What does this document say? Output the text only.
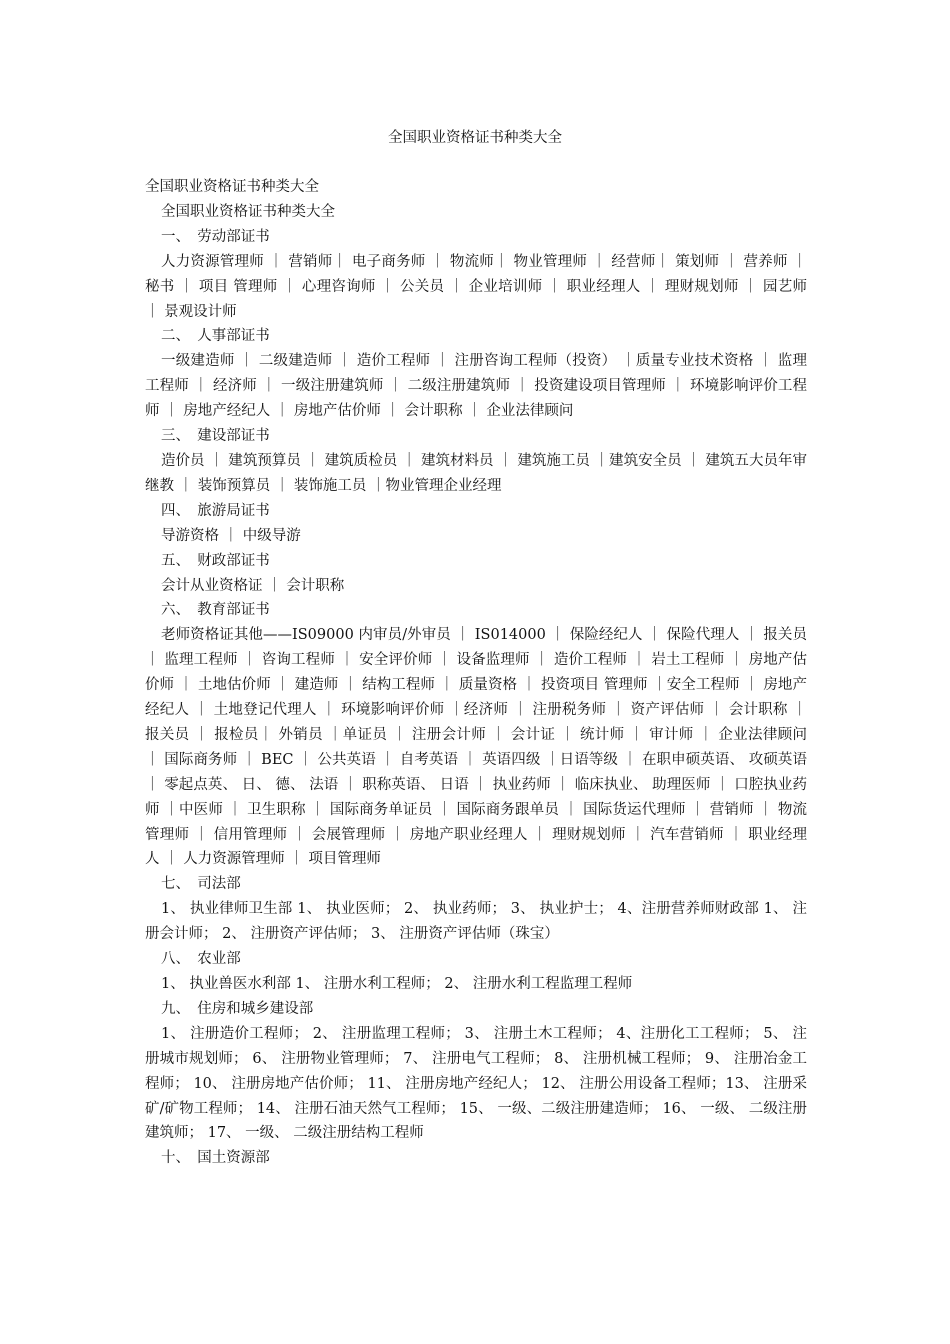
全国职业资格证书种类大全

全国职业资格证书种类大全

全国职业资格证书种类大全

一、　劳动部证书

人力资源管理师 ｜ 营销师｜ 电子商务师 ｜ 物流师｜ 物业管理师 ｜ 经营师｜ 策划师 ｜ 营养师 ｜ 秘书 ｜ 项目 管理师 ｜ 心理咨询师 ｜ 公关员 ｜ 企业培训师 ｜ 职业经理人 ｜ 理财规划师 ｜ 园艺师 ｜ 景观设计师

二、　人事部证书

一级建造师 ｜ 二级建造师 ｜ 造价工程师 ｜ 注册咨询工程师（投资） ｜质量专业技术资格 ｜ 监理工程师 ｜ 经济师 ｜ 一级注册建筑师 ｜ 二级注册建筑师 ｜ 投资建设项目管理师 ｜ 环境影响评价工程师 ｜ 房地产经纪人 ｜ 房地产估价师 ｜ 会计职称 ｜ 企业法律顾问

三、　建设部证书

造价员 ｜ 建筑预算员 ｜ 建筑质检员 ｜ 建筑材料员 ｜ 建筑施工员 ｜建筑安全员 ｜ 建筑五大员年审继教 ｜ 装饰预算员 ｜ 装饰施工员 ｜物业管理企业经理

四、　旅游局证书

导游资格 ｜ 中级导游

五、　财政部证书

会计从业资格证 ｜ 会计职称

六、　教育部证书

老师资格证其他——IS09000 内审员/外审员 ｜ IS014000 ｜ 保险经纪人 ｜ 保险代理人 ｜ 报关员 ｜ 监理工程师 ｜ 咨询工程师 ｜ 安全评价师 ｜ 设备监理师 ｜ 造价工程师 ｜ 岩土工程师 ｜ 房地产估价师 ｜ 土地估价师 ｜ 建造师 ｜ 结构工程师 ｜ 质量资格 ｜ 投资项目 管理师 ｜安全工程师 ｜ 房地产经纪人 ｜ 土地登记代理人 ｜ 环境影响评价师 ｜经济师 ｜ 注册税务师 ｜ 资产评估师 ｜ 会计职称 ｜ 报关员 ｜ 报检员｜ 外销员 ｜单证员 ｜ 注册会计师 ｜ 会计证 ｜ 统计师 ｜ 审计师 ｜ 企业法律顾问 ｜ 国际商务师 ｜ BEC ｜ 公共英语 ｜ 自考英语 ｜ 英语四级 ｜日语等级 ｜ 在职申硕英语、 攻硕英语 ｜ 零起点英、 日、 德、 法语 ｜ 职称英语、 日语 ｜ 执业药师 ｜ 临床执业、 助理医师 ｜ 口腔执业药师 ｜中医师 ｜ 卫生职称 ｜ 国际商务单证员 ｜ 国际商务跟单员 ｜ 国际货运代理师 ｜ 营销师 ｜ 物流管理师 ｜ 信用管理师 ｜ 会展管理师 ｜ 房地产职业经理人 ｜ 理财规划师 ｜ 汽车营销师 ｜ 职业经理人 ｜ 人力资源管理师 ｜ 项目管理师

七、　司法部

1、 执业律师卫生部 1、 执业医师； 2、 执业药师； 3、 执业护士； 4、注册营养师财政部 1、 注册会计师； 2、 注册资产评估师； 3、 注册资产评估师（珠宝）

八、　农业部

1、 执业兽医水利部 1、 注册水利工程师； 2、 注册水利工程监理工程师

九、　住房和城乡建设部

1、 注册造价工程师； 2、 注册监理工程师； 3、 注册土木工程师； 4、注册化工工程师； 5、 注册城市规划师； 6、 注册物业管理师； 7、 注册电气工程师； 8、 注册机械工程师； 9、 注册冶金工程师； 10、 注册房地产估价师； 11、 注册房地产经纪人； 12、 注册公用设备工程师；13、 注册采矿/矿物工程师； 14、 注册石油天然气工程师； 15、 一级、二级注册建造师； 16、 一级、 二级注册建筑师； 17、 一级、 二级注册结构工程师

十、　国土资源部
